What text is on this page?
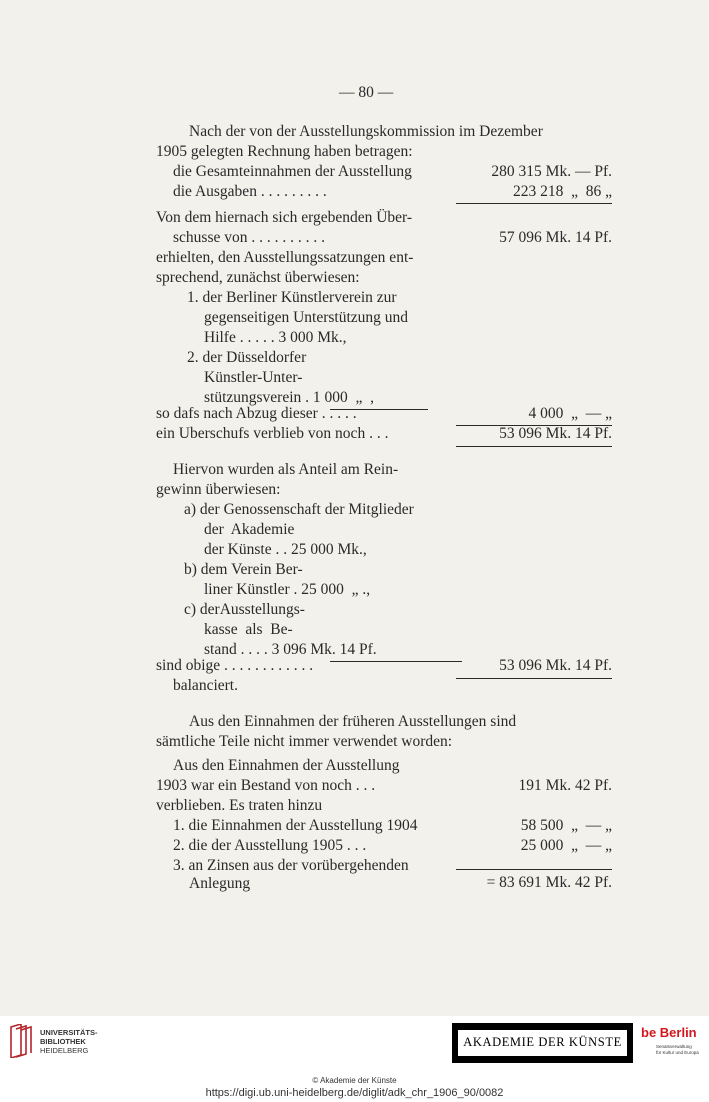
— 80 —
Nach der von der Ausstellungskommission im Dezember
1905 gelegten Rechnung haben betragen:
die Gesamteinnahmen der Ausstellung	280 315 Mk. — Pf.
die Ausgaben . . . . . . . . .	223 218  „  86 „
Von dem hiernach sich ergebenden Über-
schusse von . . . . . . . . . .	57 096 Mk. 14 Pf.
erhielten, den Ausstellungssatzungen ent-
sprechend, zunächst überwiesen:
1. der Berliner Künstlerverein zur
gegenseitigen Unterstützung und
Hilfe . . . . . 3 000 Mk.,
2. der Düsseldorfer
Künstler-Unter-
stützungsverein . 1 000  „  ,
so dafs nach Abzug dieser . . . . .	4 000  „  — „
ein Uberschufs verblieb von noch . . .	53 096 Mk. 14 Pf.
Hiervon wurden als Anteil am Rein-
gewinn überwiesen:
a) der Genossenschaft der Mitglieder
der  Akademie
der Künste . . 25 000 Mk.,
b) dem Verein Ber-
liner Künstler . 25 000  „ .,
c) derAusstellungs-
kasse  als  Be-
stand . . . . 3 096 Mk. 14 Pf.
sind obige . . . . . . . . . . . .	53 096 Mk. 14 Pf.
balanciert.
Aus den Einnahmen der früheren Ausstellungen sind
sämtliche Teile nicht immer verwendet worden:
Aus den Einnahmen der Ausstellung
1903 war ein Bestand von noch . . .	191 Mk. 42 Pf.
verblieben. Es traten hinzu
1. die Einnahmen der Ausstellung 1904	58 500  „  — „
2. die der Ausstellung 1905 . . .	25 000  „  — „
3. an Zinsen aus der vorübergehenden
Anlegung	= 83 691 Mk. 42 Pf.
UNIVERSITÄTS-
BIBLIOTHEK
HEIDELBERG
AKADEMIE DER KÜNSTE
be Berlin
Senatsverwaltung
für Kultur und Europa
© Akademie der Künste
https://digi.ub.uni-heidelberg.de/diglit/adk_chr_1906_90/0082
